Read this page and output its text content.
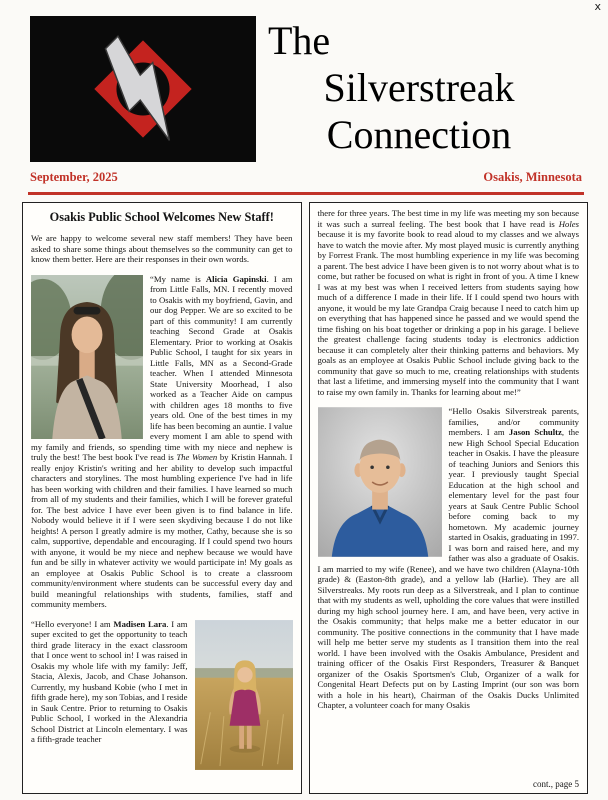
x
The
Silverstreak
Connection
September, 2025	Osakis, Minnesota
Osakis Public School Welcomes New Staff!

We are happy to welcome several new staff members! They have been asked to share some things about themselves so the community can get to know them better. Here are their responses in their own words.

“My name is Alicia Gapinski. I am from Little Falls, MN. I recently moved to Osakis with my boyfriend, Gavin, and our dog Pepper. We are so excited to be part of this community! I am currently teaching Second Grade at Osakis Elementary. Prior to working at Osakis Public School, I taught for six years in Little Falls, MN as a Second-Grade teacher. When I attended Minnesota State University Moorhead, I also worked as a Teacher Aide on campus with children ages 18 months to five years old. One of the best times in my life has been becoming an auntie. I value every moment I am able to spend with my family and friends, so spending time with my niece and nephew is truly the best! The best book I've read is The Women by Kristin Hannah. I really enjoy Kristin's writing and her ability to develop such impactful characters and storylines. The most humbling experience I've had in life has been working with children and their families. I have learned so much from all of my students and their families, which I will be forever grateful for. The best advice I have ever been given is to find balance in life. Nobody would believe it if I were seen skydiving because I do not like heights! A person I greatly admire is my mother, Cathy, because she is so calm, supportive, dependable and encouraging. If I could spend two hours with anyone, it would be my niece and nephew because we would have fun and be silly in whatever activity we would participate in! My goals as an employee at Osakis Public School is to create a classroom community/environment where students can be successful every day and build meaningful relationships with students, families, staff and community members.
“Hello everyone! I am Madisen Lara. I am super excited to get the opportunity to teach third grade literacy in the exact classroom that I once went to school in! I was raised in Osakis my whole life with my family: Jeff, Stacia, Alexis, Jacob, and Chase Johanson. Currently, my husband Kobie (who I met in fifth grade here), my son Tobias, and I reside in Sauk Centre. Prior to returning to Osakis Public School, I worked in the Alexandria School District at Lincoln elementary. I was a fifth-grade teacher
there for three years. The best time in my life was meeting my son because it was such a surreal feeling. The best book that I have read is Holes because it is my favorite book to read aloud to my classes and we always have to watch the movie after. My most played music is currently anything by Forrest Frank. The most humbling experience in my life was becoming a parent. The best advice I have been given is to not worry about what is to come, but rather be focused on what is right in front of you. A time I knew I was at my best was when I received letters from students saying how much of a difference I made in their life. If I could spend two hours with anyone, it would be my late Grandpa Craig because I need to catch him up on everything that has happened since he passed and we would spend the time fishing on his boat together or drinking a pop in his garage. I believe the greatest challenge facing students today is electronics addiction because it can completely alter their thinking patterns and behaviors. My goals as an employee at Osakis Public School include giving back to the community that gave so much to me, creating relationships with students that last a lifetime, and immersing myself into the community that I want to raise my own family in. Thanks for learning about me!”
“Hello Osakis Silverstreak parents, families, and/or community members. I am Jason Schultz, the new High School Special Education teacher in Osakis. I have the pleasure of teaching Juniors and Seniors this year. I previously taught Special Education at the high school and elementary level for the past four years at Sauk Centre Public School before coming back to my hometown. My academic journey started in Osakis, graduating in 1997. I was born and raised here, and my father was also a graduate of Osakis. I am married to my wife (Renee), and we have two children (Alayna-10th grade) & (Easton-8th grade), and a yellow lab (Harlie). They are all Silverstreaks. My roots run deep as a Silverstreak, and I plan to continue that with my students as well, upholding the core values that were instilled during my high school journey here. I am, and have been, very active in the Osakis community; that helps make me a better educator in our community. The positive connections in the community that I have made will help me better serve my students as I transition them into the real world. I have been involved with the Osakis Ambulance, President and training officer of the Osakis First Responders, Treasurer & Banquet organizer of the Osakis Sportsmen's Club, Organizer of a walk for Congenital Heart Defects put on by Lasting Imprint (our son was born with a hole in his heart), Chairman of the Osakis Ducks Unlimited Chapter, a volunteer coach for many Osakis
cont., page 5
